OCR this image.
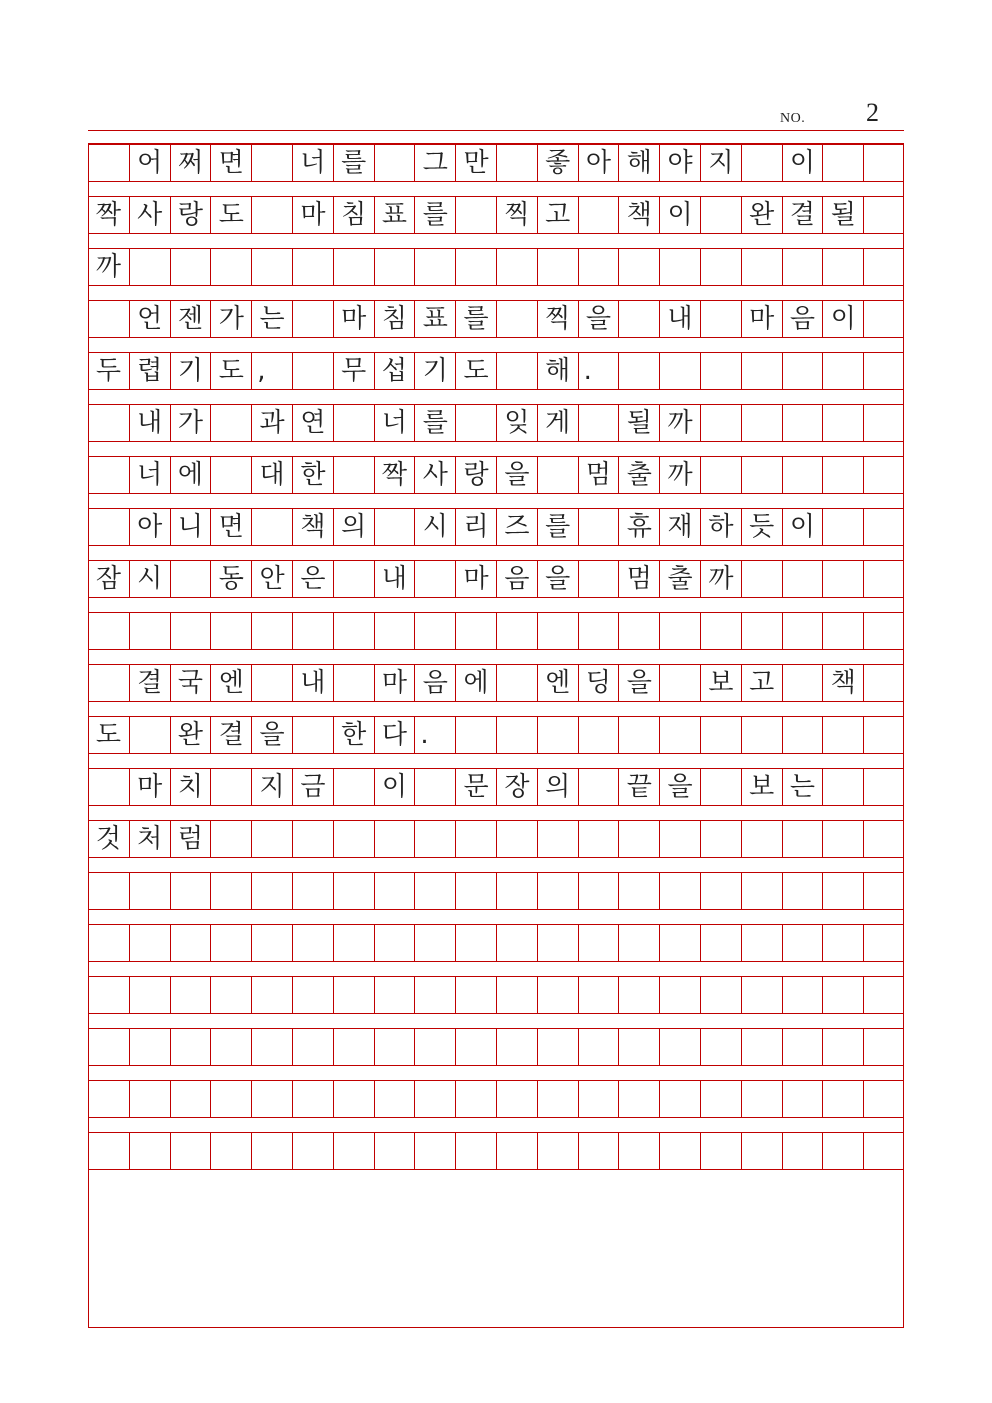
NO. 2
어 쩌 면	너 를	그 만	좋 아 해 야 지	이
짝 사 랑 도	마 침 표 를	찍 고	책 이	완 결 될
까
언 젠 가 는	마 침 표 를	찍 을	내	마 음 이
두 렵 기 도 ,	무 섭 기 도	해 .
내 가	과 연	너 를	잊 게	될 까
너 에	대 한	짝 사 랑 을	멈 출 까
아 니 면	책 의	시 리 즈 를	휴 재 하 듯 이
잠 시	동 안 은	내	마 음 을	멈 출 까
결 국 엔	내	마 음 에	엔 딩 을	보 고	책
도	완 결 을	한 다 .
마 치	지 금	이	문 장 의	끝 을	보 는
것 처 럼
